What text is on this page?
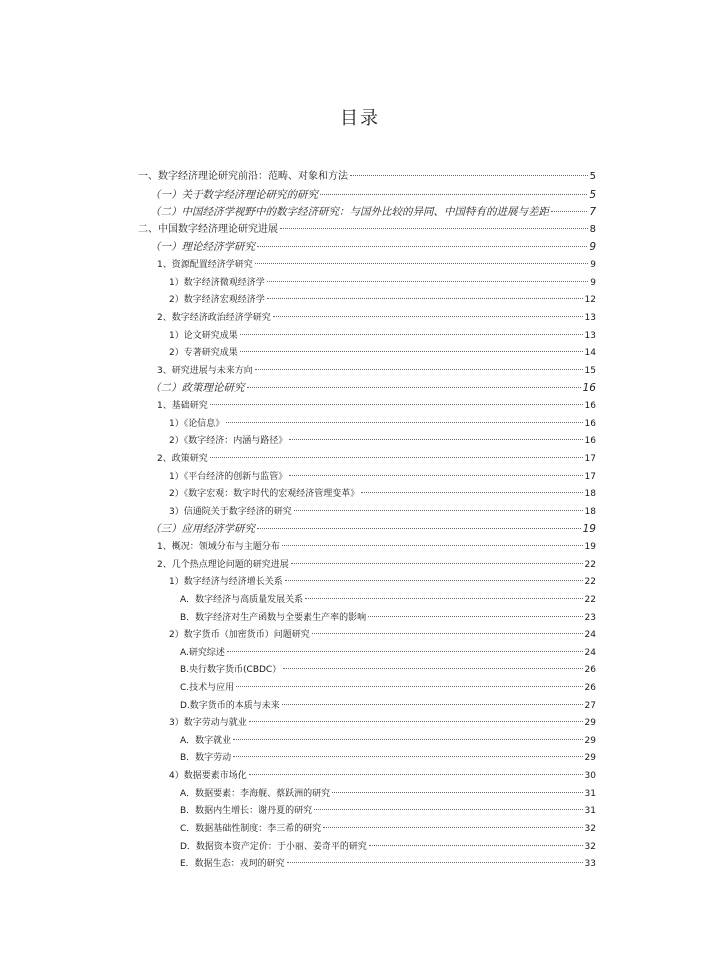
目录
一、数字经济理论研究前沿：范畴、对象和方法	5
（一）关于数字经济理论研究的研究	5
（二）中国经济学视野中的数字经济研究：与国外比较的异同、中国特有的进展与差距	7
二、中国数字经济理论研究进展	8
（一）理论经济学研究	9
1、资源配置经济学研究	9
1）数字经济微观经济学	9
2）数字经济宏观经济学	12
2、数字经济政治经济学研究	13
1）论文研究成果	13
2）专著研究成果	14
3、研究进展与未来方向	15
（二）政策理论研究	16
1、基础研究	16
1）《论信息》	16
2）《数字经济：内涵与路径》	16
2、政策研究	17
1）《平台经济的创新与监管》	17
2）《数字宏观：数字时代的宏观经济管理变革》	18
3）信通院关于数字经济的研究	18
（三）应用经济学研究	19
1、概况：领域分布与主题分布	19
2、几个热点理论问题的研究进展	22
1）数字经济与经济增长关系	22
A．数字经济与高质量发展关系	22
B．数字经济对生产函数与全要素生产率的影响	23
2）数字货币（加密货币）问题研究	24
A.研究综述	24
B.央行数字货币(CBDC）	26
C.技术与应用	26
D.数字货币的本质与未来	27
3）数字劳动与就业	29
A．数字就业	29
B．数字劳动	29
4）数据要素市场化	30
A．数据要素：李海舰、蔡跃洲的研究	31
B．数据内生增长：谢丹夏的研究	31
C．数据基础性制度：李三希的研究	32
D．数据资本资产定价：于小丽、姜奇平的研究	32
E．数据生态：戎珂的研究	33
